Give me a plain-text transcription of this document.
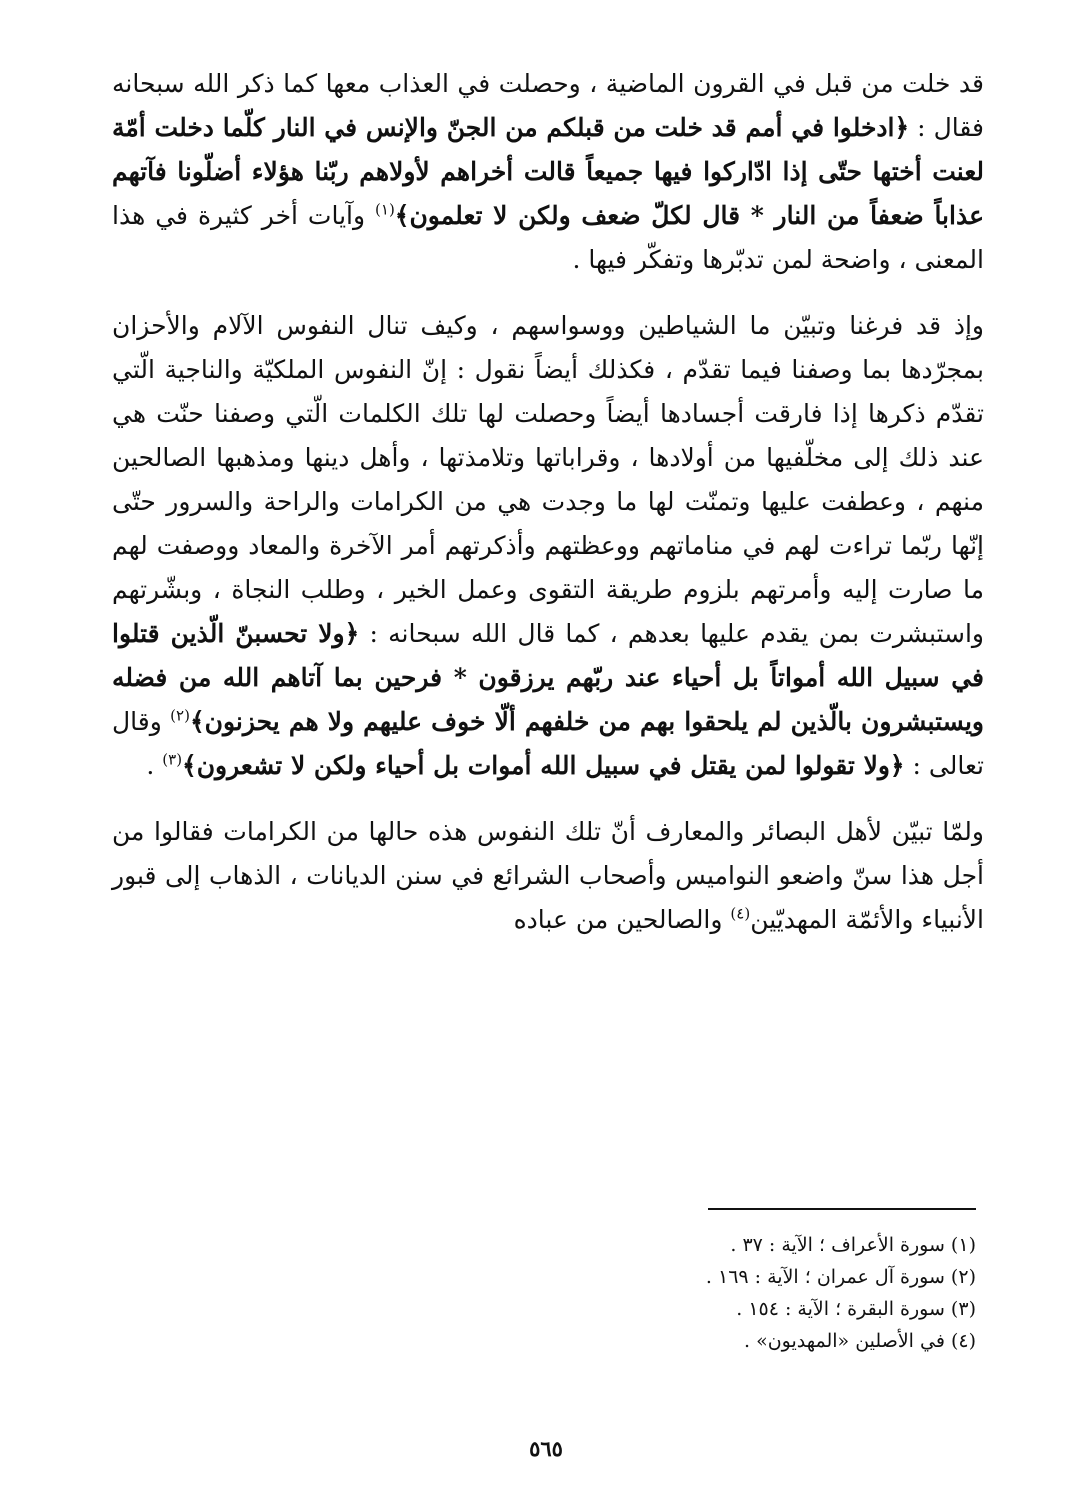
قد خلت من قبل في القرون الماضية ، وحصلت في العذاب معها كما ذكر الله سبحانه فقال : ﴿ادخلوا في أمم قد خلت من قبلكم من الجنّ والإنس في النار كلّما دخلت أمّة لعنت أختها حتّى إذا ادّاركوا فيها جميعاً قالت أخراهم لأولاهم ربّنا هؤلاء أضلّونا فآتهم عذاباً ضعفاً من النار * قال لكلّ ضعف ولكن لا تعلمون﴾$^{(١)}$ وآيات أخر كثيرة في هذا المعنى ، واضحة لمن تدبّرها وتفكّر فيها .

وإذ قد فرغنا وتبيّن ما الشياطين ووسواسهم ، وكيف تنال النفوس الآلام والأحزان بمجرّدها بما وصفنا فيما تقدّم ، فكذلك أيضاً نقول : إنّ النفوس الملكيّة والناجية الّتي تقدّم ذكرها إذا فارقت أجسادها أيضاً وحصلت لها تلك الكلمات الّتي وصفنا حنّت هي عند ذلك إلى مخلّفيها من أولادها ، وقراباتها وتلامذتها ، وأهل دينها ومذهبها الصالحين منهم ، وعطفت عليها وتمنّت لها ما وجدت هي من الكرامات والراحة والسرور حتّى إنّها ربّما تراءت لهم في مناماتهم ووعظتهم وأذكرتهم أمر الآخرة والمعاد ووصفت لهم ما صارت إليه وأمرتهم بلزوم طريقة التقوى وعمل الخير ، وطلب النجاة ، وبشّرتهم واستبشرت بمن يقدم عليها بعدهم ، كما قال الله سبحانه : ﴿ولا تحسبنّ الّذين قتلوا في سبيل الله أمواتاً بل أحياء عند ربّهم يرزقون * فرحين بما آتاهم الله من فضله ويستبشرون بالّذين لم يلحقوا بهم من خلفهم ألّا خوف عليهم ولا هم يحزنون﴾$^{(٢)}$ وقال تعالى : ﴿ولا تقولوا لمن يقتل في سبيل الله أموات بل أحياء ولكن لا تشعرون﴾$^{(٣)}$ .

ولمّا تبيّن لأهل البصائر والمعارف أنّ تلك النفوس هذه حالها من الكرامات فقالوا من أجل هذا سنّ واضعو النواميس وأصحاب الشرائع في سنن الديانات ، الذهاب إلى قبور الأنبياء والأئمّة المهديّين$^{(٤)}$ والصالحين من عباده

(١) سورة الأعراف ؛ الآية : ٣٧ .

(٢) سورة آل عمران ؛ الآية : ١٦٩ .

(٣) سورة البقرة ؛ الآية : ١٥٤ .

(٤) في الأصلين «المهديون» .

٥٦٥
